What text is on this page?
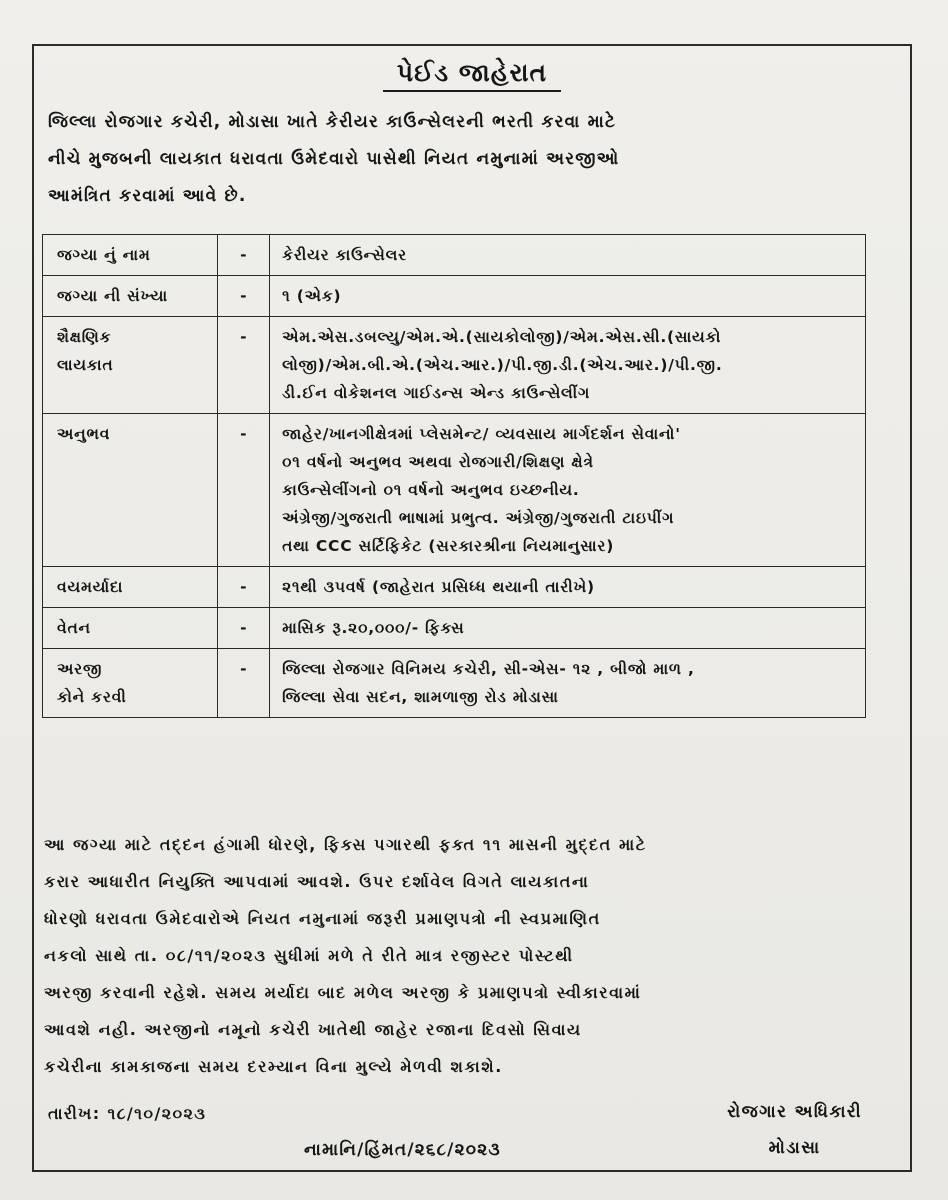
પેઈડ જાહેરાત
જિલ્લા રોજગાર કચેરી, મોડાસા ખાતે કેરીયર કાઉન્સેલરની ભરતી કરવા માટે
નીચે મુજબની લાયકાત ધરાવતા ઉમેદવારો પાસેથી નિયત નમુનામાં અરજીઓ
આમંત્રિત કરવામાં આવે છે.
જગ્યા નું નામ	-	કેરીયર કાઉન્સેલર

જગ્યા ની સંખ્યા	-	૧ (એક)

શૈક્ષણિક
લાયકાત	-	એમ.એસ.ડબલ્યુ/એમ.એ.(સાયકોલોજી)/એમ.એસ.સી.(સાયકો
લોજી)/એમ.બી.એ.(એચ.આર.)/પી.જી.ડી.(એચ.આર.)/પી.જી.
ડી.ઈન વોકેશનલ ગાઈડન્સ એન્ડ કાઉન્સેલીંગ

અનુભવ	-	જાહેર/ખાનગીક્ષેત્રમાં પ્લેસમેન્ટ/ વ્યવસાય માર્ગદર્શન સેવાનો'
૦૧ વર્ષનો અનુભવ અથવા રોજગારી/શિક્ષણ ક્ષેત્રે
કાઉન્સેલીંગનો ૦૧ વર્ષનો અનુભવ ઇચ્છનીય.
અંગ્રેજી/ગુજરાતી ભાષામાં પ્રભુત્વ. અંગ્રેજી/ગુજરાતી ટાઇપીંગ
તથા CCC સર્ટિફિકેટ (સરકારશ્રીના નિયમાનુસાર)

વયમર્યાદા	-	૨૧થી ૩૫વર્ષ (જાહેરાત પ્રસિધ્ધ થયાની તારીખે)

વેતન	-	માસિક રૂ.૨૦,૦૦૦/- ફિક્સ

અરજી
કોને કરવી	-	જિલ્લા રોજગાર વિનિમય કચેરી, સી-એસ- ૧૨ , બીજો માળ ,
જિલ્લા સેવા સદન, શામળાજી રોડ મોડાસા
આ જગ્યા માટે તદ્દન હંગામી ધોરણે, ફિક્સ પગારથી ફક્ત ૧૧ માસની મુદ્દત માટે
કરાર આધારીત નિયુક્તિ આપવામાં આવશે. ઉપર દર્શાવેલ વિગતે લાયકાતના
ધોરણો ધરાવતા ઉમેદવારોએ નિયત નમુનામાં જરૂરી પ્રમાણપત્રો ની સ્વપ્રમાણિત
નકલો સાથે તા. ૦૮/૧૧/૨૦૨૩ સુધીમાં મળે તે રીતે માત્ર રજીસ્ટર પોસ્ટથી
અરજી કરવાની રહેશે. સમય મર્યાદા બાદ મળેલ અરજી કે પ્રમાણપત્રો સ્વીકારવામાં
આવશે નહી. અરજીનો નમૂનો કચેરી ખાતેથી જાહેર રજાના દિવસો સિવાય
કચેરીના કામકાજના સમય દરમ્યાન વિના મુલ્યે મેળવી શકાશે.
તારીખ: ૧૮/૧૦/૨૦૨૩	રોજગાર અધિકારી
મોડાસા
નામાનિ/હિંમત/૨૬૮/૨૦૨૩
